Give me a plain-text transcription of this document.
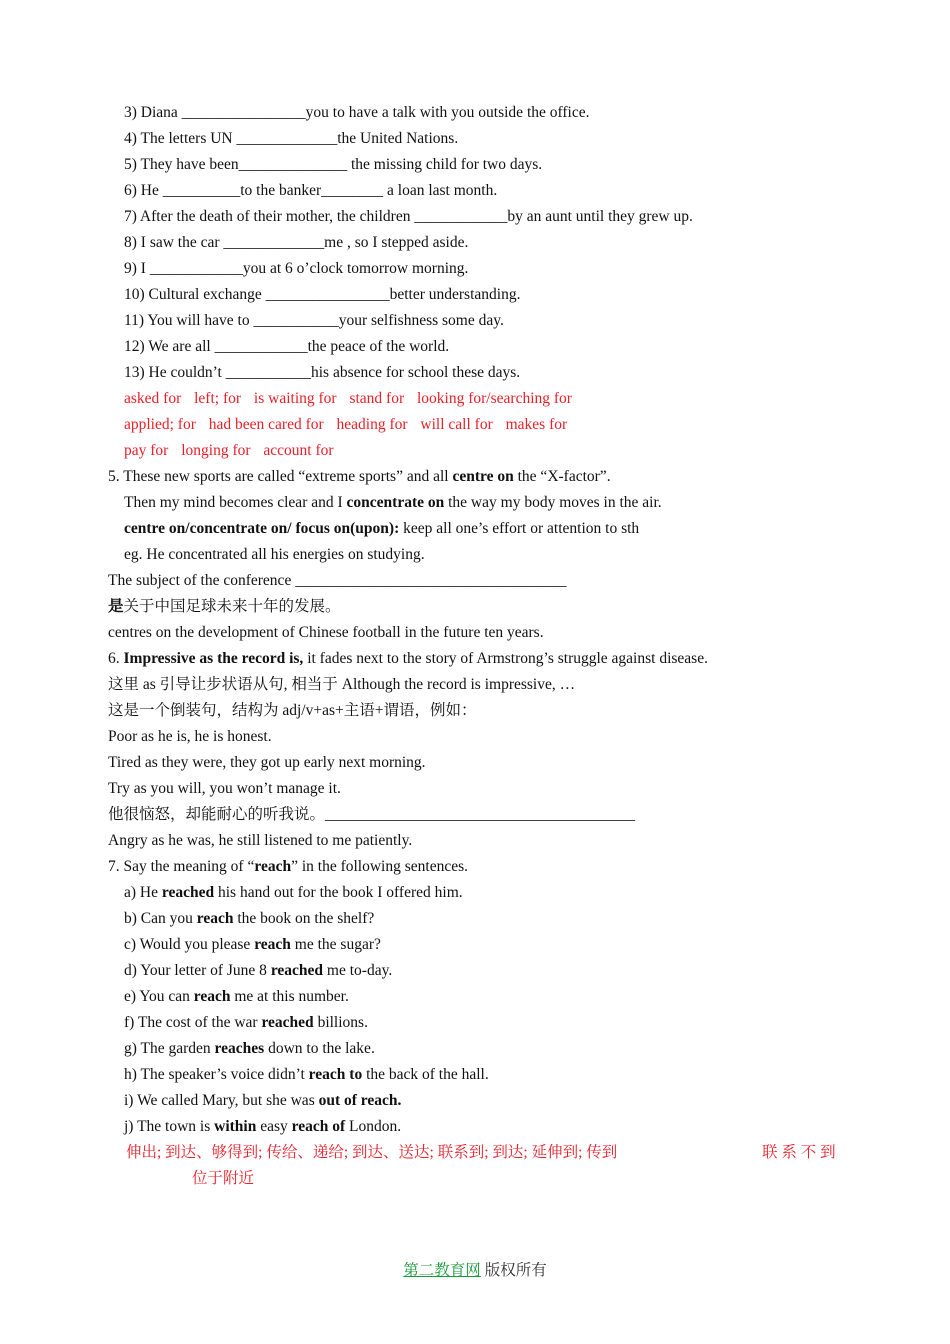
3) Diana ________________you to have a talk with you outside the office.
4) The letters UN _____________the United Nations.
5) They have been______________ the missing child for two days.
6) He __________to the banker________ a loan last month.
7) After the death of their mother, the children ____________by an aunt until they grew up.
8) I saw the car _____________me , so I stepped aside.
9) I ____________you at 6 o’clock tomorrow morning.
10) Cultural exchange ________________better understanding.
11) You will have to ___________your selfishness some day.
12) We are all ____________the peace of the world.
13) He couldn’t ___________his absence for school these days.
asked for left; for is waiting for stand for looking for/searching for
applied; for had been cared for heading for will call for makes for
pay for longing for account for
5. These new sports are called “extreme sports” and all centre on the “X-factor”.
Then my mind becomes clear and I concentrate on the way my body moves in the air.
centre on/concentrate on/ focus on(upon): keep all one’s effort or attention to sth
eg. He concentrated all his energies on studying.
The subject of the conference ___________________________________
是关于中国足球未来十年的发展。
centres on the development of Chinese football in the future ten years.
6. Impressive as the record is, it fades next to the story of Armstrong’s struggle against disease.
这里 as 引导让步状语从句, 相当于 Although the record is impressive, …
这是一个倒装句，结构为 adj/v+as+主语+谓语，例如：
Poor as he is, he is honest.
Tired as they were, they got up early next morning.
Try as you will, you won’t manage it.
他很恼怒，却能耐心的听我说。________________________________________
Angry as he was, he still listened to me patiently.
7. Say the meaning of “reach” in the following sentences.
a) He reached his hand out for the book I offered him.
b) Can you reach the book on the shelf?
c) Would you please reach me the sugar?
d) Your letter of June 8 reached me to-day.
e) You can reach me at this number.
f) The cost of the war reached billions.
g) The garden reaches down to the lake.
h) The speaker’s voice didn’t reach to the back of the hall.
i) We called Mary, but she was out of reach.
j) The town is within easy reach of London.
伸出; 到达、够得到; 传给、递给; 到达、送达; 联系到; 到达; 延伸到; 传到	联 系 不 到
位于附近
第二教育网 版权所有
